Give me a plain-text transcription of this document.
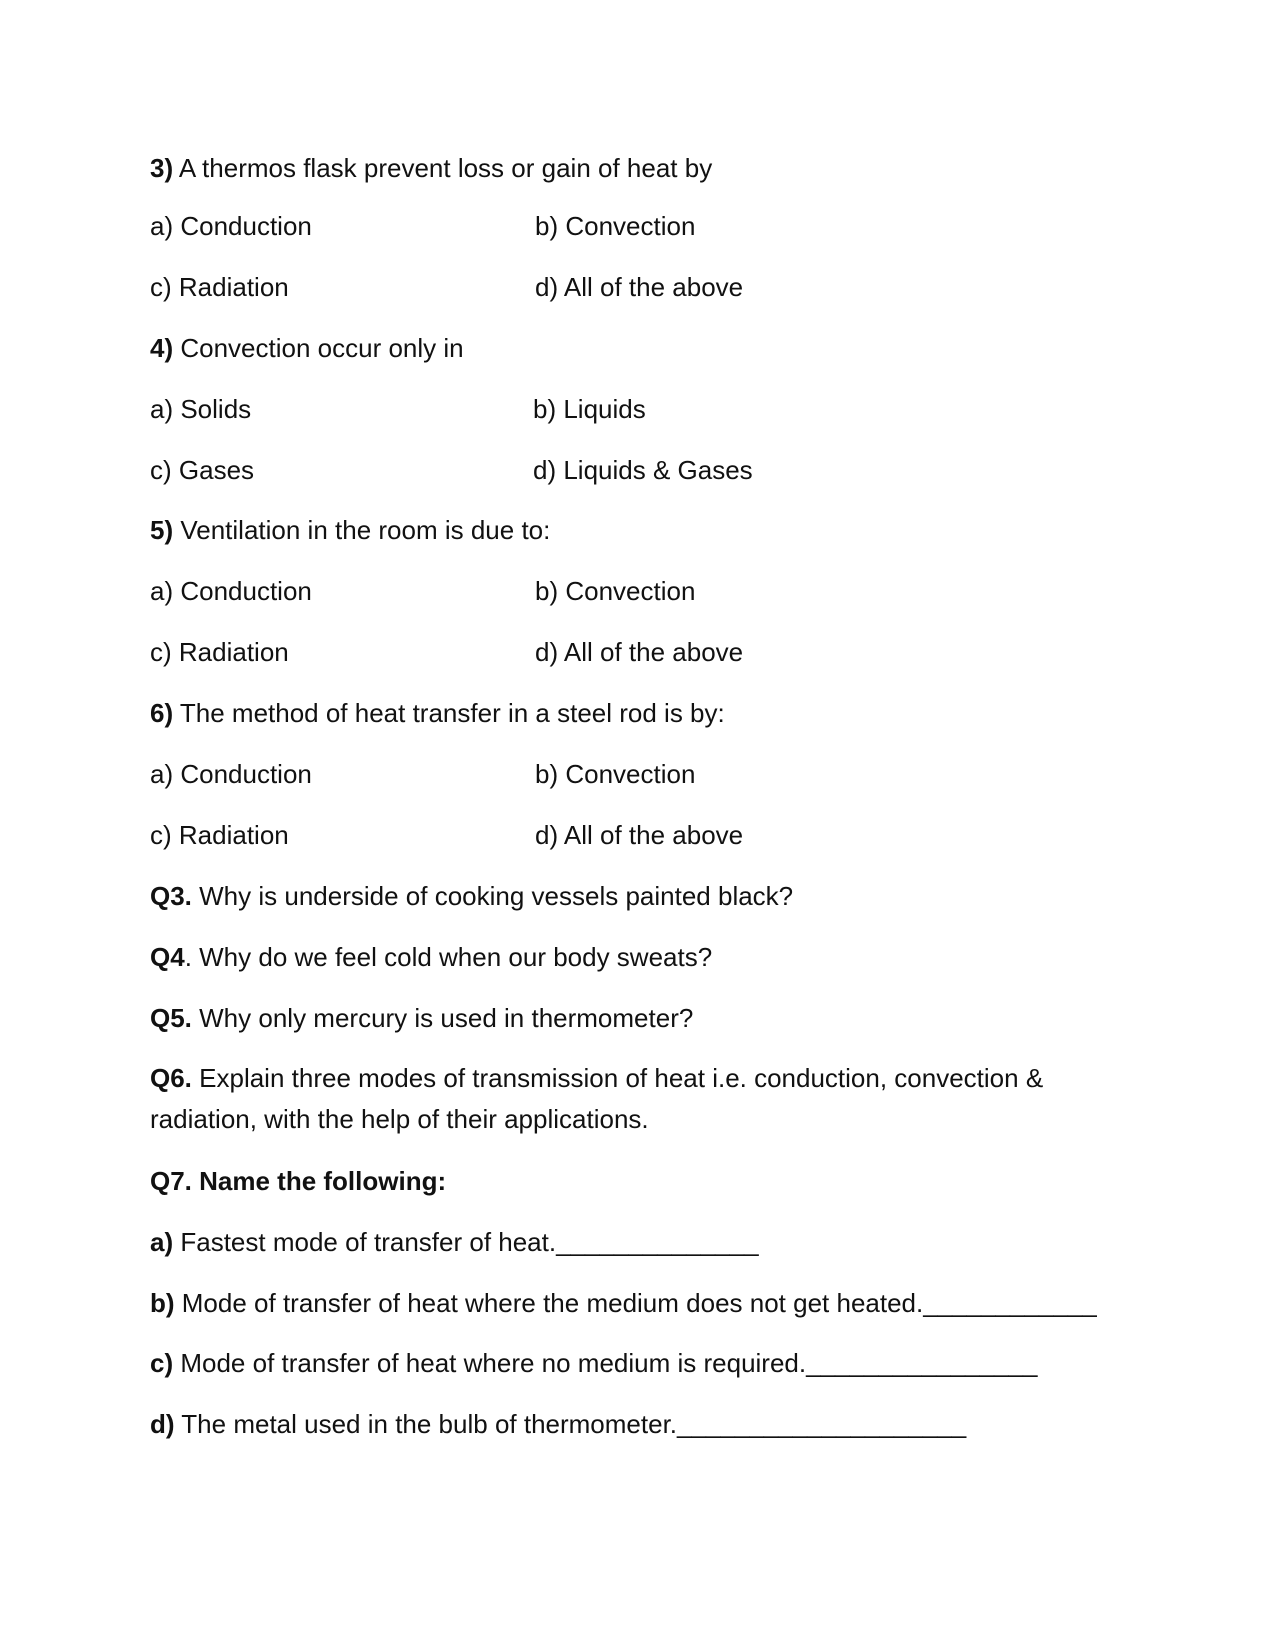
3) A thermos flask prevent loss or gain of heat by
a) Conduction	b) Convection
c) Radiation	d) All of the above
4) Convection occur only in
a) Solids	b) Liquids
c) Gases	d) Liquids & Gases
5) Ventilation in the room is due to:
a) Conduction	b) Convection
c) Radiation	d) All of the above
6) The method of heat transfer in a steel rod is by:
a) Conduction	b) Convection
c) Radiation	d) All of the above
Q3. Why is underside of cooking vessels painted black?
Q4. Why do we feel cold when our body sweats?
Q5. Why only mercury is used in thermometer?
Q6. Explain three modes of transmission of heat i.e. conduction, convection & radiation, with the help of their applications.
Q7. Name the following:
a) Fastest mode of transfer of heat.______________
b) Mode of transfer of heat where the medium does not get heated.____________
c) Mode of transfer of heat where no medium is required.________________
d) The metal used in the bulb of thermometer.____________________
